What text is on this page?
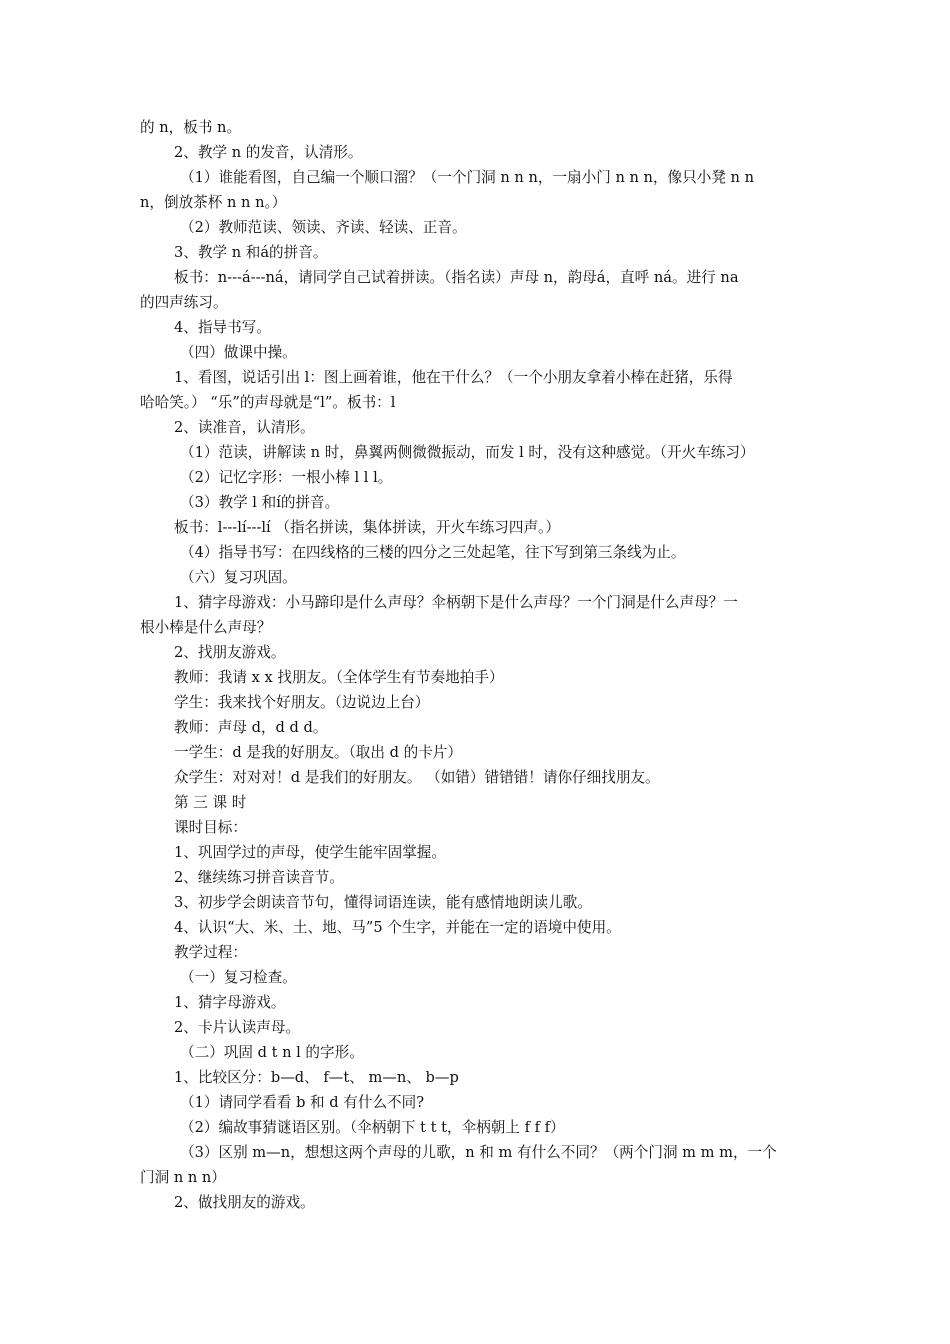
的 n，板书 n。
2、教学 n 的发音，认清形。
（1）谁能看图，自己编一个顺口溜？（一个门洞 n n n，一扇小门 n n n，像只小凳 n n
n，倒放茶杯 n n n。）
（2）教师范读、领读、齐读、轻读、正音。
3、教学 n 和á的拼音。
板书：n---á---ná，请同学自己试着拼读。（指名读）声母 n，韵母á，直呼 ná。进行 na
的四声练习。
4、指导书写。
（四）做课中操。
1、看图，说话引出 l：图上画着谁，他在干什么？（一个小朋友拿着小棒在赶猪，乐得
哈哈笑。） “乐”的声母就是“l”。板书：l
2、读准音，认清形。
（1）范读，讲解读 n 时，鼻翼两侧微微振动，而发 l 时，没有这种感觉。（开火车练习）
（2）记忆字形：一根小棒 l l l。
（3）教学 l 和í的拼音。
板书：l---lí---lí （指名拼读，集体拼读，开火车练习四声。）
（4）指导书写：在四线格的三楼的四分之三处起笔，往下写到第三条线为止。
（六）复习巩固。
1、猜字母游戏：小马蹄印是什么声母？伞柄朝下是什么声母？一个门洞是什么声母？一
根小棒是什么声母？
2、找朋友游戏。
教师：我请 x x 找朋友。（全体学生有节奏地拍手）
学生：我来找个好朋友。（边说边上台）
教师：声母 d，d d d。
一学生：d 是我的好朋友。（取出 d 的卡片）
众学生：对对对！d 是我们的好朋友。 （如错）错错错！请你仔细找朋友。
第 三 课 时
课时目标：
1、巩固学过的声母，使学生能牢固掌握。
2、继续练习拼音读音节。
3、初步学会朗读音节句，懂得词语连读，能有感情地朗读儿歌。
4、认识“大、米、土、地、马”5 个生字，并能在一定的语境中使用。
教学过程：
（一）复习检查。
1、猜字母游戏。
2、卡片认读声母。
（二）巩固 d t n l 的字形。
1、比较区分：b—d、 f—t、 m—n、 b—p
（1）请同学看看 b 和 d 有什么不同?
（2）编故事猜谜语区别。（伞柄朝下 t t t，伞柄朝上 f f f）
（3）区别 m—n，想想这两个声母的儿歌，n 和 m 有什么不同？（两个门洞 m m m，一个
门洞 n n n）
2、做找朋友的游戏。
